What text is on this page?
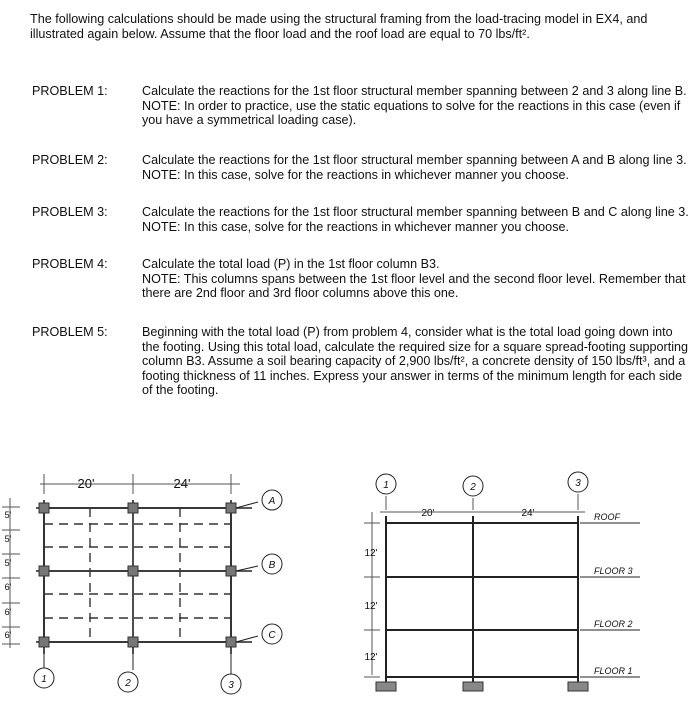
The following calculations should be made using the structural framing from the load-tracing model in EX4, and illustrated again below. Assume that the floor load and the roof load are equal to 70 lbs/ft².
PROBLEM 1:	Calculate the reactions for the 1st floor structural member spanning between 2 and 3 along line B.

NOTE: In order to practice, use the static equations to solve for the reactions in this case (even if you have a symmetrical loading case).

PROBLEM 2:	Calculate the reactions for the 1st floor structural member spanning between A and B along line 3.

NOTE: In this case, solve for the reactions in whichever manner you choose.

PROBLEM 3:	Calculate the reactions for the 1st floor structural member spanning between B and C along line 3.

NOTE: In this case, solve for the reactions in whichever manner you choose.

PROBLEM 4:	Calculate the total load (P) in the 1st floor column B3.

NOTE: This columns spans between the 1st floor level and the second floor level. Remember that there are 2nd floor and 3rd floor columns above this one.

PROBLEM 5:	Beginning with the total load (P) from problem 4, consider what is the total load going down into the footing. Using this total load, calculate the required size for a square spread-footing supporting column B3. Assume a soil bearing capacity of 2,900 lbs/ft², a concrete density of 150 lbs/ft³, and a footing thickness of 11 inches. Express your answer in terms of the minimum length for each side of the footing.

20'	24'
5'
5'
5'
6'
6'
6'
A
B
C
1	2	3
1	2	3
20'	24'
12'
12'
12'
ROOF
FLOOR 3
FLOOR 2
FLOOR 1
